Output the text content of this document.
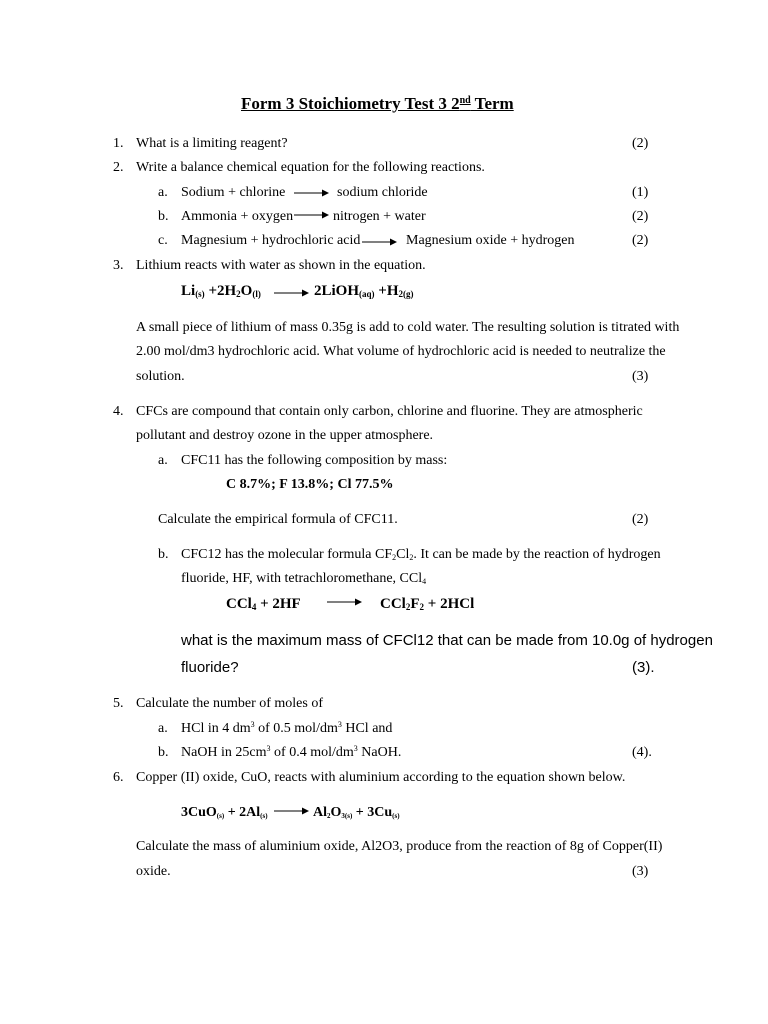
Form 3 Stoichiometry Test 3 2nd Term
1. What is a limiting reagent?	(2)
2. Write a balance chemical equation for the following reactions.
a. Sodium + chlorine	sodium chloride	(1)
b. Ammonia + oxygen	nitrogen + water	(2)
c. Magnesium + hydrochloric acid	Magnesium oxide + hydrogen	(2)
3. Lithium reacts with water as shown in the equation.
$Li_{(s)} +2H_2O_{(l)}$	2LiOH$_{(aq)}$ $+H_{2(g)}$
A small piece of lithium of mass 0.35g is add to cold water. The resulting solution is titrated with
2.00 mol/dm3 hydrochloric acid. What volume of hydrochloric acid is needed to neutralize the
solution.	(3)
4. CFCs are compound that contain only carbon, chlorine and fluorine. They are atmospheric
pollutant and destroy ozone in the upper atmosphere.
a. CFC11 has the following composition by mass:
C 8.7%; F 13.8%; Cl 77.5%
Calculate the empirical formula of CFC11.	(2)
b. CFC12 has the molecular formula $CF_2Cl_2$. It can be made by the reaction of hydrogen
fluoride, HF, with tetrachloromethane, CCl$_4$
CCl$_4$ + 2HF	$CCl_2F_2 + 2HCl$
what is the maximum mass of CFCl12 that can be made from 10.0g of hydrogen
fluoride?	(3).
5. Calculate the number of moles of
a. HCl in 4 $dm^3$ of 0.5 mol/$dm^3$ HCl and
b. NaOH in $25cm^3$ of 0.4 mol/$dm^3$ NaOH.	(4).
6. Copper (II) oxide, CuO, reacts with aluminium according to the equation shown below.
$3CuO_{(s)} + 2Al_{(s)}$	$Al_2O_{3(s)} + 3Cu_{(s)}$
Calculate the mass of aluminium oxide, Al2O3, produce from the reaction of 8g of Copper(II)
oxide.	(3)
